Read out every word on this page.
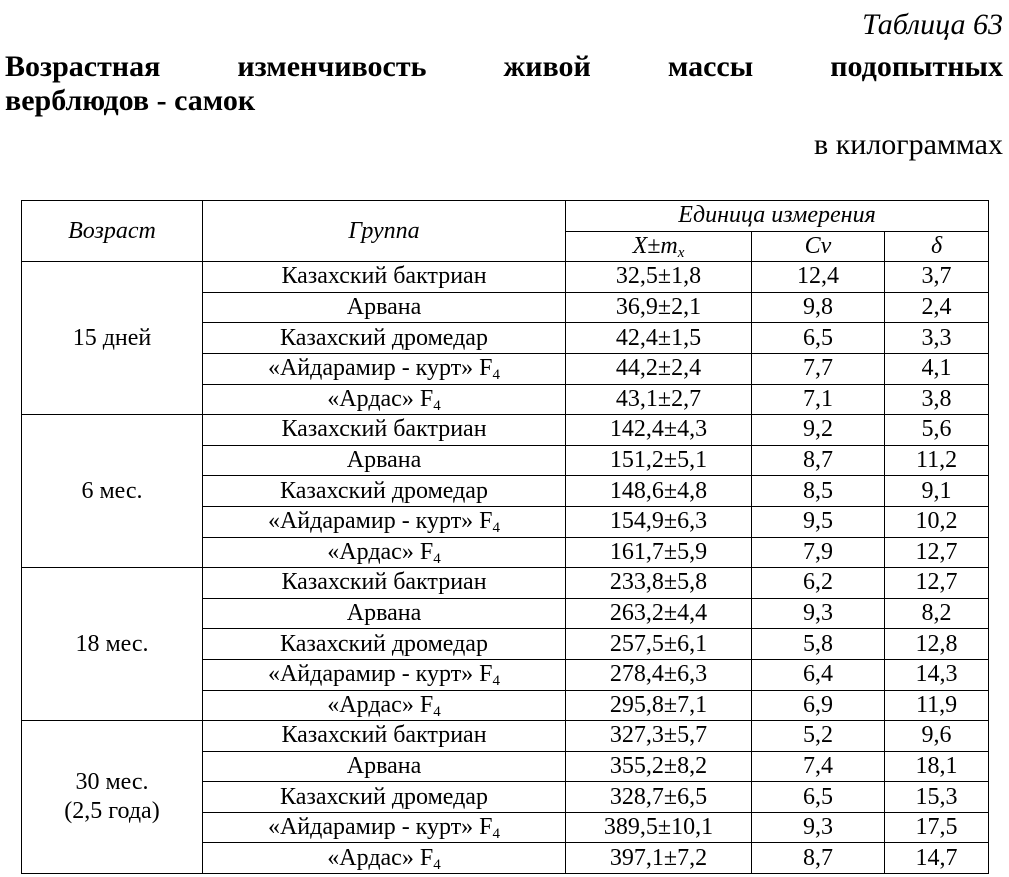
Таблица 63
Возрастная	изменчивость	живой	массы	подопытных
верблюдов - самок
в килограммах
Возраст	Группа	Единица измерения		
		$X\pm m_x$	Cv	δ

15 дней	Казахский бактриан	32,5±1,8	12,4	3,7
	Арвана	36,9±2,1	9,8	2,4
	Казахский дромедар	42,4±1,5	6,5	3,3
	«Айдарамир - курт» $F_4$	44,2±2,4	7,7	4,1
	«Ардас» $F_4$	43,1±2,7	7,1	3,8

6 мес.	Казахский бактриан	142,4±4,3	9,2	5,6
	Арвана	151,2±5,1	8,7	11,2
	Казахский дромедар	148,6±4,8	8,5	9,1
	«Айдарамир - курт» $F_4$	154,9±6,3	9,5	10,2
	«Ардас» $F_4$	161,7±5,9	7,9	12,7

18 мес.	Казахский бактриан	233,8±5,8	6,2	12,7
	Арвана	263,2±4,4	9,3	8,2
	Казахский дромедар	257,5±6,1	5,8	12,8
	«Айдарамир - курт» $F_4$	278,4±6,3	6,4	14,3
	«Ардас» $F_4$	295,8±7,1	6,9	11,9

30 мес.
(2,5 года)	Казахский бактриан	327,3±5,7	5,2	9,6
	Арвана	355,2±8,2	7,4	18,1
	Казахский дромедар	328,7±6,5	6,5	15,3
	«Айдарамир - курт» $F_4$	389,5±10,1	9,3	17,5
	«Ардас» $F_4$	397,1±7,2	8,7	14,7
